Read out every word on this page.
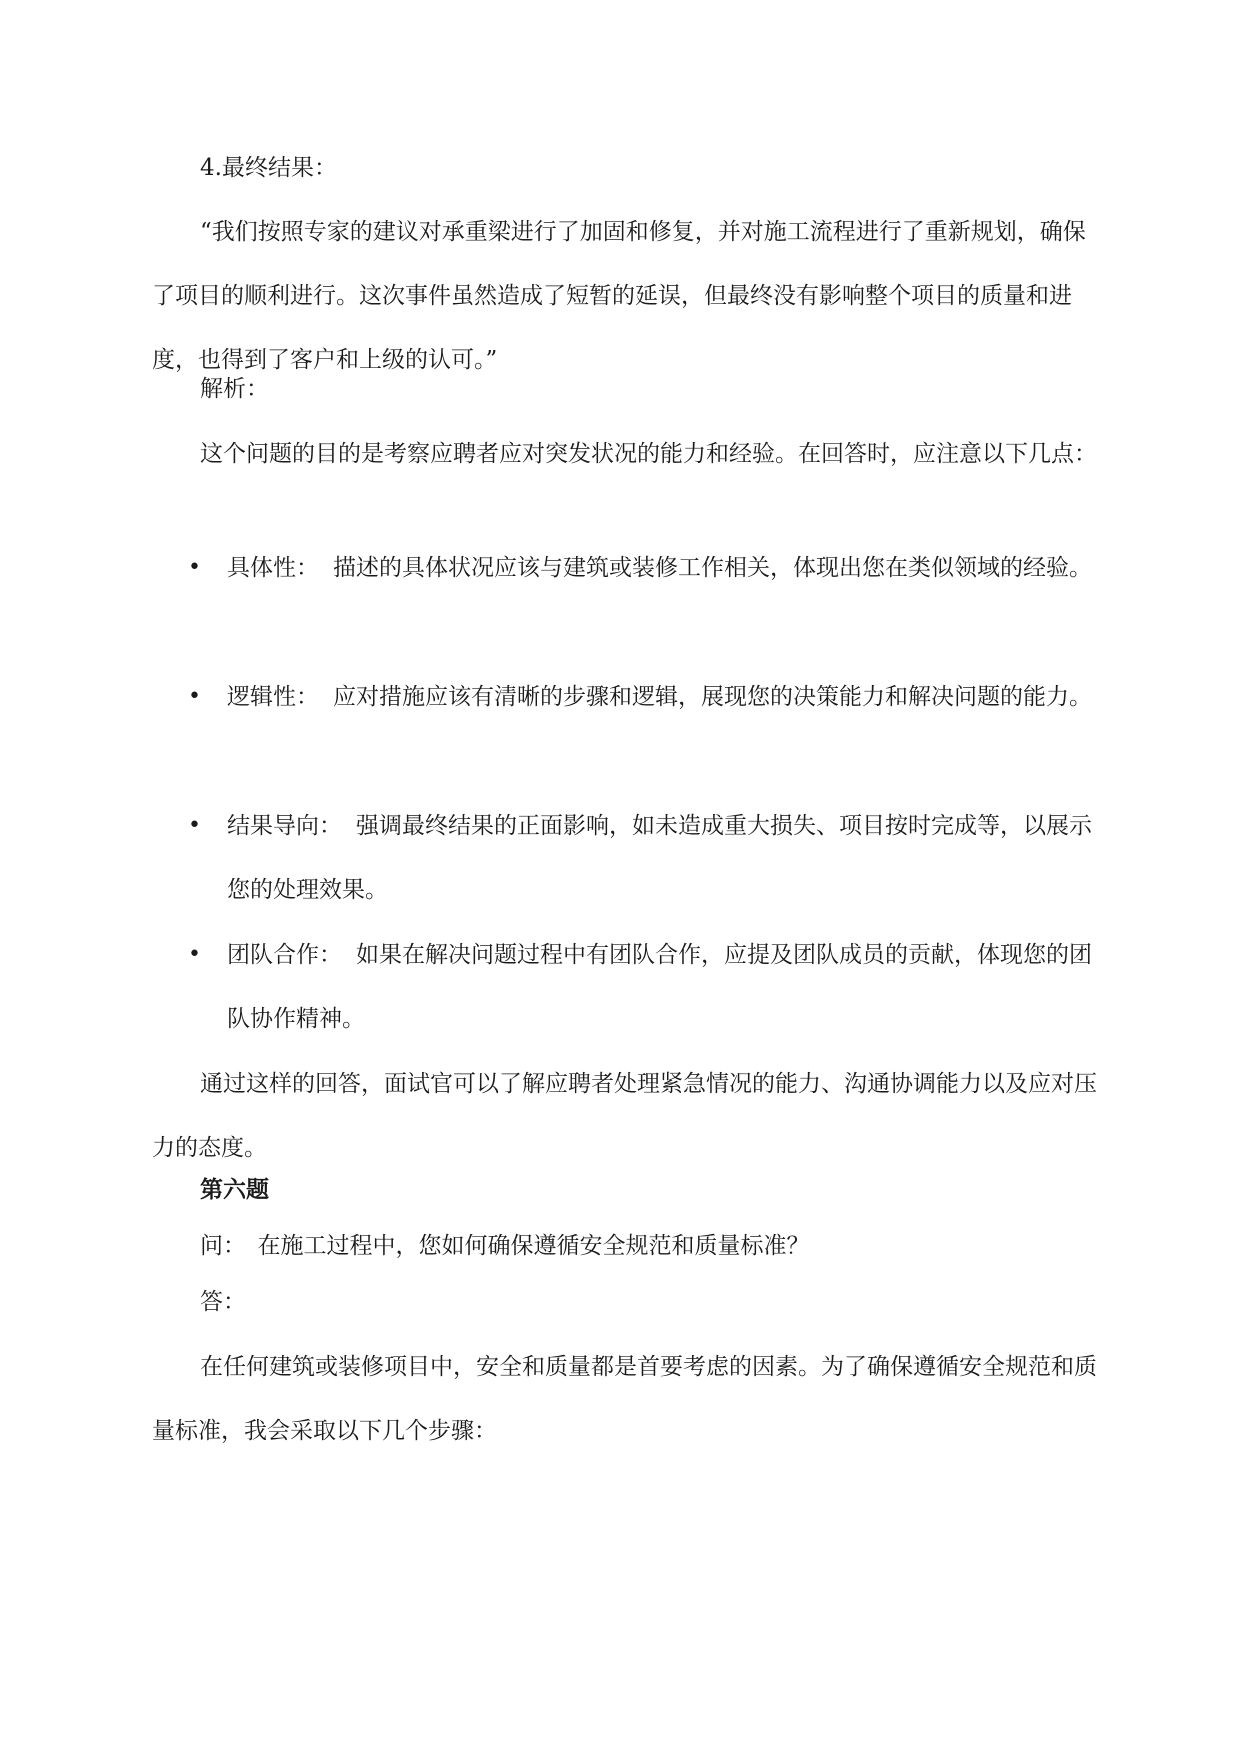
4.最终结果：

“我们按照专家的建议对承重梁进行了加固和修复，并对施工流程进行了重新规划，确保了项目的顺利进行。这次事件虽然造成了短暂的延误，但最终没有影响整个项目的质量和进度，也得到了客户和上级的认可。”

解析：

这个问题的目的是考察应聘者应对突发状况的能力和经验。在回答时，应注意以下几点：

• 具体性： 描述的具体状况应该与建筑或装修工作相关，体现出您在类似领域的经验。
• 逻辑性： 应对措施应该有清晰的步骤和逻辑，展现您的决策能力和解决问题的能力。
• 结果导向： 强调最终结果的正面影响，如未造成重大损失、项目按时完成等，以展示您的处理效果。
• 团队合作： 如果在解决问题过程中有团队合作，应提及团队成员的贡献，体现您的团队协作精神。

通过这样的回答，面试官可以了解应聘者处理紧急情况的能力、沟通协调能力以及应对压力的态度。

第六题

问：　在施工过程中，您如何确保遵循安全规范和质量标准？

答：

在任何建筑或装修项目中，安全和质量都是首要考虑的因素。为了确保遵循安全规范和质量标准，我会采取以下几个步骤：
